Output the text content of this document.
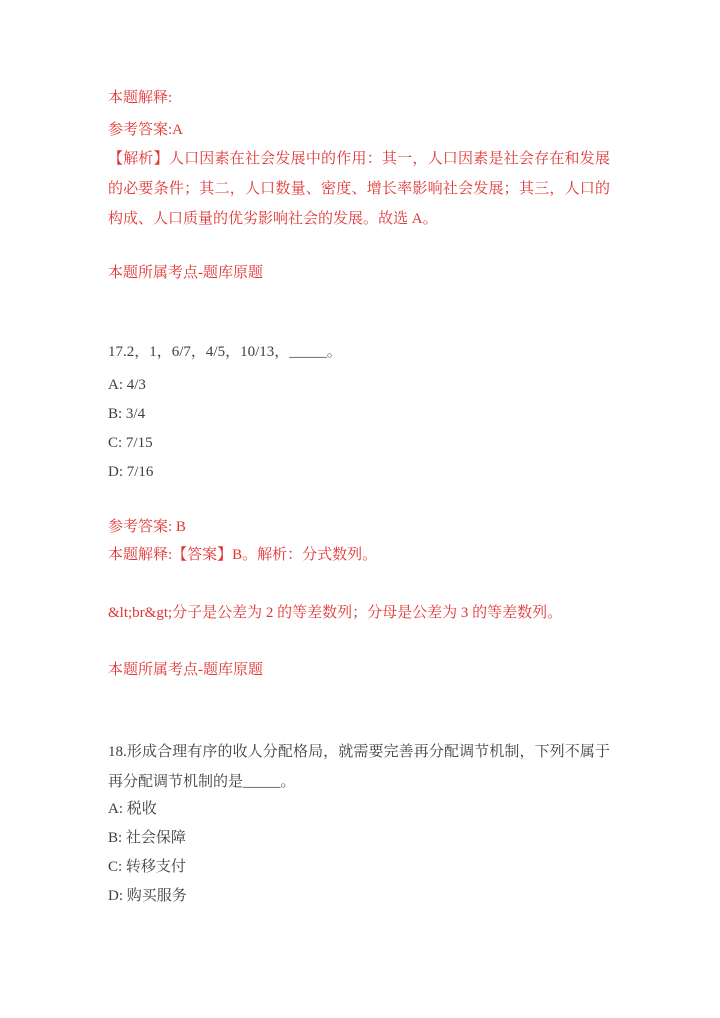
本题解释:
参考答案:A
【解析】人口因素在社会发展中的作用：其一，人口因素是社会存在和发展的必要条件；其二，人口数量、密度、增长率影响社会发展；其三，人口的构成、人口质量的优劣影响社会的发展。故选 A。
本题所属考点-题库原题
17.2，1，6/7，4/5，10/13，_____。
A: 4/3
B: 3/4
C: 7/15
D: 7/16
参考答案: B
本题解释:【答案】B。解析：分式数列。
&lt;br&gt;分子是公差为 2 的等差数列；分母是公差为 3 的等差数列。
本题所属考点-题库原题
18.形成合理有序的收人分配格局，就需要完善再分配调节机制，下列不属于再分配调节机制的是_____。
A: 税收
B: 社会保障
C: 转移支付
D: 购买服务
